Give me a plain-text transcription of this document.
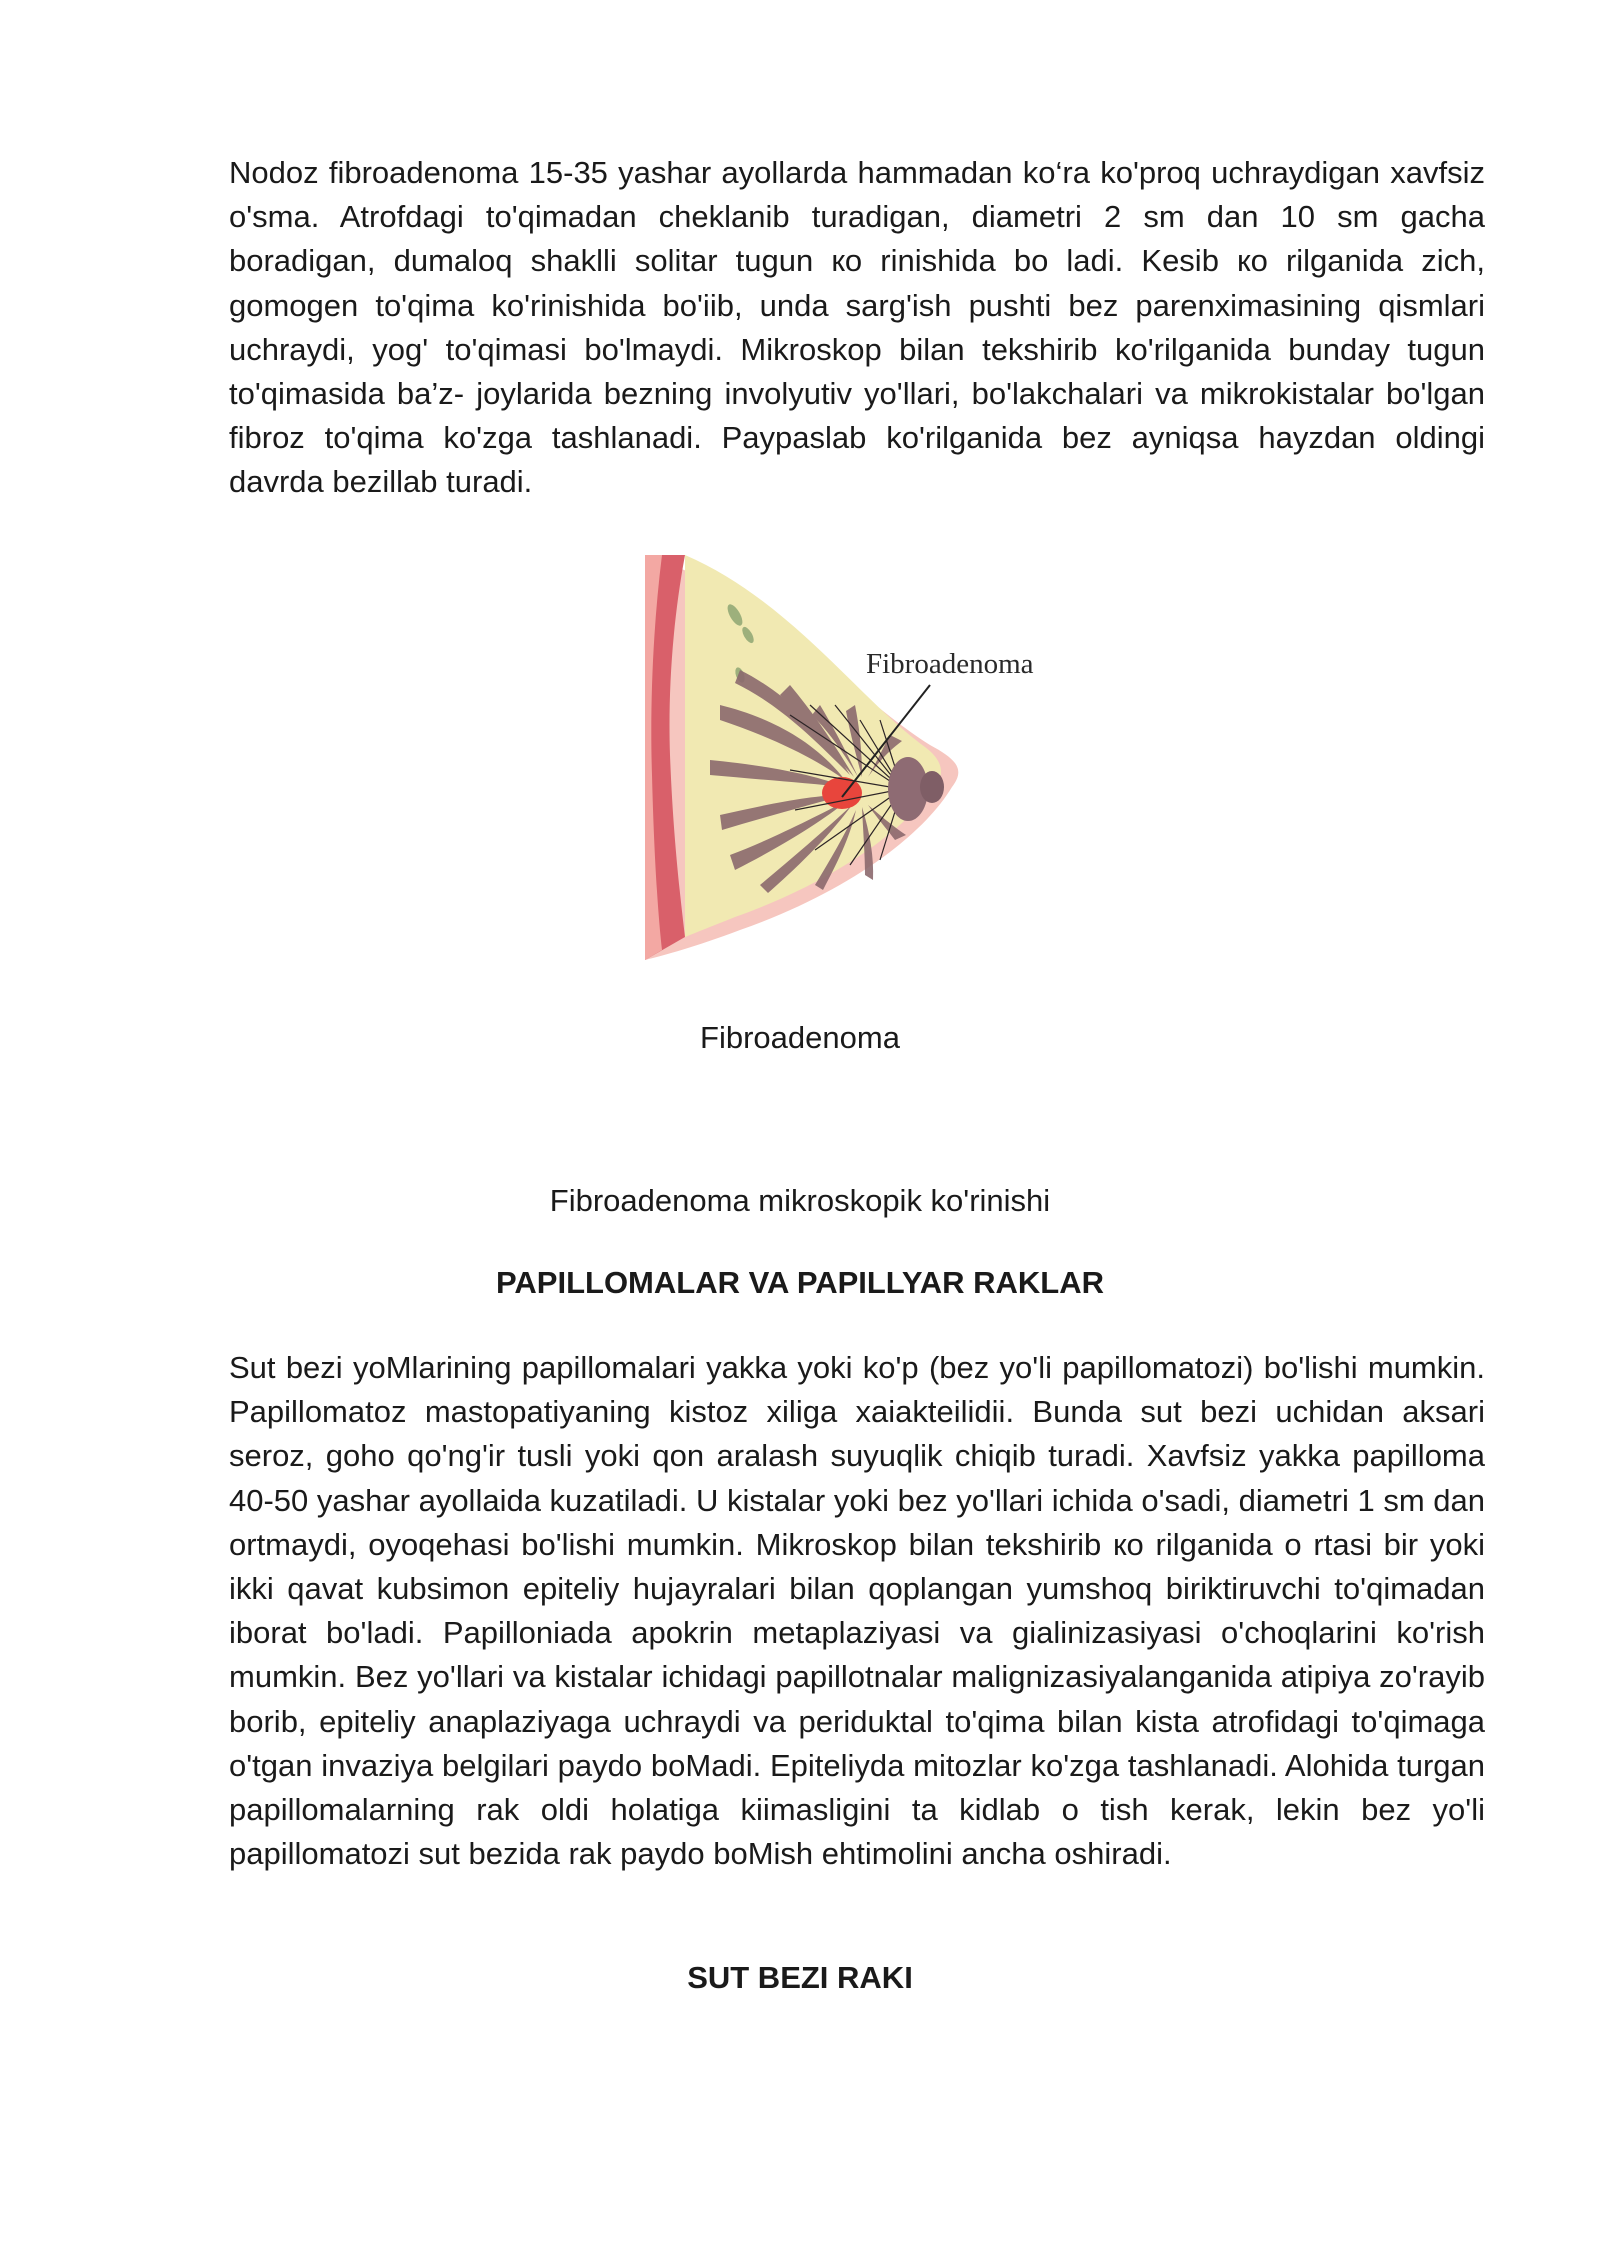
Nodoz fibroadenoma 15-35 yashar ayollarda hammadan ko‘ra ko'proq uchraydigan xavfsiz o'sma. Atrofdagi to'qimadan cheklanib turadigan, diametri 2 sm dan 10 sm gacha boradigan, dumaloq shaklli solitar tugun кo rinishida bo ladi. Kesib кo rilganida zich, gomogen to'qima ko'rinishida bo'iib, unda sarg'ish pushti bez parenximasining qismlari uchraydi, yog' to'qimasi bo'lmaydi. Mikroskop bilan tekshirib ko'rilganida bunday tugun to'qimasida ba’z- joylarida bezning involyutiv yo'llari, bo'lakchalari va mikrokistalar bo'lgan fibroz to'qima ko'zga tashlanadi. Paypaslab ko'rilganida bez ayniqsa hayzdan oldingi davrda bezillab turadi.

Fibroadenoma

Fibroadenoma

Fibroadenoma mikroskopik ko'rinishi

PAPILLOMALAR VA PAPILLYAR RAKLAR

Sut bezi yoMlarining papillomalari yakka yoki ko'p (bez yo'li papillomatozi) bo'lishi mumkin. Papillomatoz mastopatiyaning kistoz xiliga xaiakteilidii. Bunda sut bezi uchidan aksari seroz, goho qo'ng'ir tusli yoki qon aralash suyuqlik chiqib turadi. Xavfsiz yakka papilloma 40-50 yashar ayollaida kuzatiladi. U kistalar yoki bez yo'llari ichida o'sadi, diametri 1 sm dan ortmaydi, oyoqehasi bo'lishi mumkin. Mikroskop bilan tekshirib кo rilganida o rtasi bir yoki ikki qavat kubsimon epiteliy hujayralari bilan qoplangan yumshoq biriktiruvchi to'qimadan iborat bo'ladi. Papilloniada apokrin metaplaziyasi va gialinizasiyasi o'choqlarini ko'rish mumkin. Bez yo'llari va kistalar ichidagi papillotnalar malignizasiyalanganida atipiya zo'rayib borib, epiteliy anaplaziyaga uchraydi va periduktal to'qima bilan kista atrofidagi to'qimaga o'tgan invaziya belgilari paydo boMadi. Epiteliyda mitozlar ko'zga tashlanadi. Alohida turgan papillomalarning rak oldi holatiga kiimasligini ta kidlab o tish kerak, lekin bez yo'li papillomatozi sut bezida rak paydo boMish ehtimolini ancha oshiradi.

SUT BEZI RAKI
